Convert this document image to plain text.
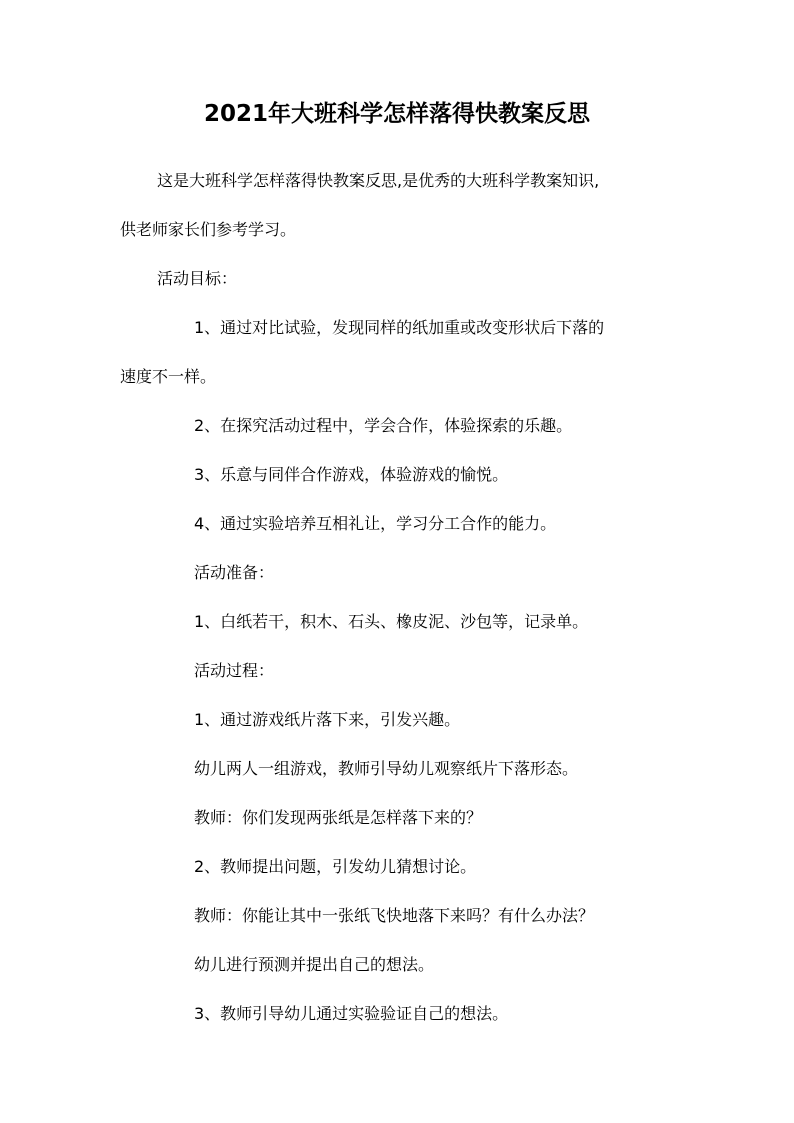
2021年大班科学怎样落得快教案反思
这是大班科学怎样落得快教案反思,是优秀的大班科学教案知识,
供老师家长们参考学习。
活动目标：
1、通过对比试验，发现同样的纸加重或改变形状后下落的
速度不一样。
2、在探究活动过程中，学会合作，体验探索的乐趣。
3、乐意与同伴合作游戏，体验游戏的愉悦。
4、通过实验培养互相礼让，学习分工合作的能力。
活动准备：
1、白纸若干，积木、石头、橡皮泥、沙包等，记录单。
活动过程：
1、通过游戏纸片落下来，引发兴趣。
幼儿两人一组游戏，教师引导幼儿观察纸片下落形态。
教师：你们发现两张纸是怎样落下来的？
2、教师提出问题，引发幼儿猜想讨论。
教师：你能让其中一张纸飞快地落下来吗？有什么办法？
幼儿进行预测并提出自己的想法。
3、教师引导幼儿通过实验验证自己的想法。
